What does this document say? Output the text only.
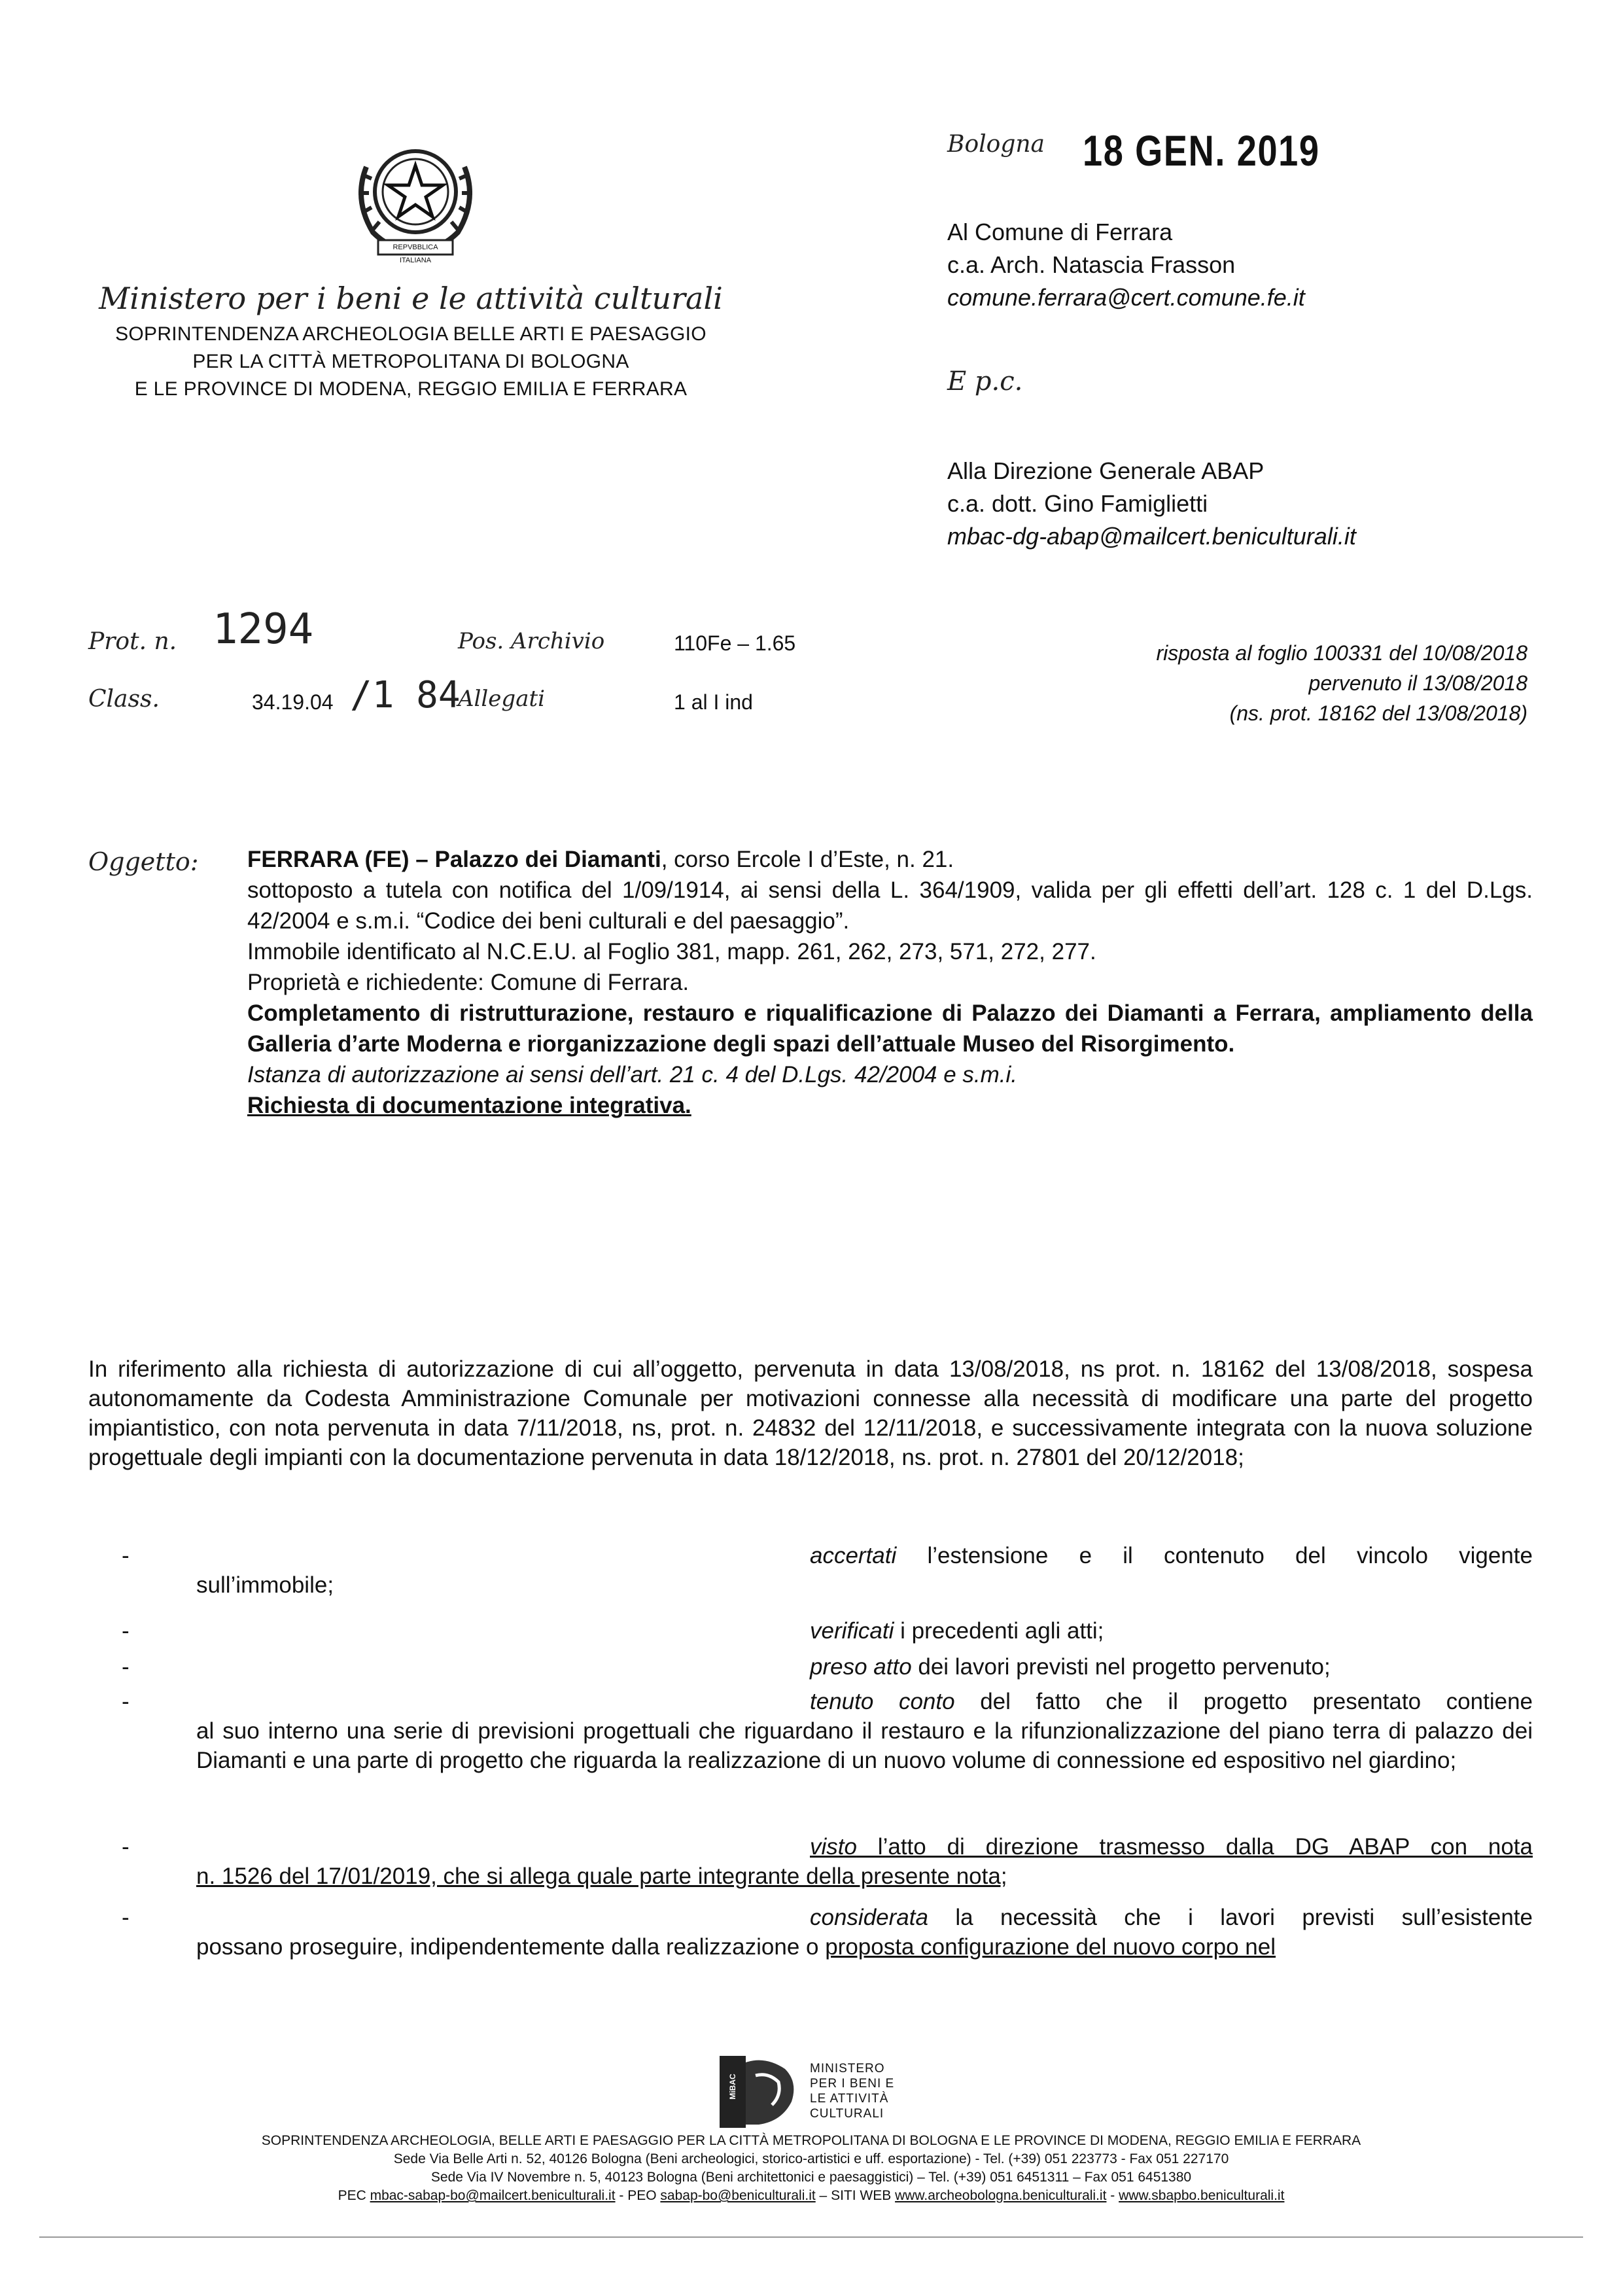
REPVBBLICA ITALIANA
Ministero per i beni e le attività culturali
SOPRINTENDENZA ARCHEOLOGIA BELLE ARTI E PAESAGGIO
PER LA CITTÀ METROPOLITANA DI BOLOGNA
E LE PROVINCE DI MODENA, REGGIO EMILIA E FERRARA
Bologna 18 GEN. 2019
Al Comune di Ferrara
c.a. Arch. Natascia Frasson
comune.ferrara@cert.comune.fe.it
E p.c.
Alla Direzione Generale ABAP
c.a. dott. Gino Famiglietti
mbac-dg-abap@mailcert.beniculturali.it
Prot. n. 1294
Class.	34.19.04 /1 84
Pos. Archivio	110Fe – 1.65
Allegati	1 al I ind
risposta al foglio 100331 del 10/08/2018
pervenuto il 13/08/2018
(ns. prot. 18162 del 13/08/2018)
Oggetto: FERRARA (FE) – Palazzo dei Diamanti, corso Ercole I d’Este, n. 21.
sottoposto a tutela con notifica del 1/09/1914, ai sensi della L. 364/1909, valida per gli effetti dell’art. 128 c. 1 del D.Lgs. 42/2004 e s.m.i. “Codice dei beni culturali e del paesaggio”.
Immobile identificato al N.C.E.U. al Foglio 381, mapp. 261, 262, 273, 571, 272, 277.
Proprietà e richiedente: Comune di Ferrara.
Completamento di ristrutturazione, restauro e riqualificazione di Palazzo dei Diamanti a Ferrara, ampliamento della Galleria d’arte Moderna e riorganizzazione degli spazi dell’attuale Museo del Risorgimento.
Istanza di autorizzazione ai sensi dell’art. 21 c. 4 del D.Lgs. 42/2004 e s.m.i.
Richiesta di documentazione integrativa.
In riferimento alla richiesta di autorizzazione di cui all’oggetto, pervenuta in data 13/08/2018, ns prot. n. 18162 del 13/08/2018, sospesa autonomamente da Codesta Amministrazione Comunale per motivazioni connesse alla necessità di modificare una parte del progetto impiantistico, con nota pervenuta in data 7/11/2018, ns, prot. n. 24832 del 12/11/2018, e successivamente integrata con la nuova soluzione progettuale degli impianti con la documentazione pervenuta in data 18/12/2018, ns. prot. n. 27801 del 20/12/2018;
-	accertati l’estensione e il contenuto del vincolo vigente
sull’immobile;
-	verificati i precedenti agli atti;
-	preso atto dei lavori previsti nel progetto pervenuto;
-	tenuto conto del fatto che il progetto presentato contiene
al suo interno una serie di previsioni progettuali che riguardano il restauro e la rifunzionalizzazione del piano terra di palazzo dei Diamanti e una parte di progetto che riguarda la realizzazione di un nuovo volume di connessione ed espositivo nel giardino;
-	visto l’atto di direzione trasmesso dalla DG ABAP con nota
n. 1526 del 17/01/2019, che si allega quale parte integrante della presente nota;
-	considerata la necessità che i lavori previsti sull’esistente
possano proseguire, indipendentemente dalla realizzazione o proposta configurazione del nuovo corpo nel
MiBAC
MINISTERO
PER I BENI E
LE ATTIVITÀ
CULTURALI
SOPRINTENDENZA ARCHEOLOGIA, BELLE ARTI E PAESAGGIO PER LA CITTÀ METROPOLITANA DI BOLOGNA E LE PROVINCE DI MODENA, REGGIO EMILIA E FERRARA
Sede Via Belle Arti n. 52, 40126 Bologna (Beni archeologici, storico-artistici e uff. esportazione) - Tel. (+39) 051 223773 - Fax 051 227170
Sede Via IV Novembre n. 5, 40123 Bologna (Beni architettonici e paesaggistici) – Tel. (+39) 051 6451311 – Fax 051 6451380
PEC mbac-sabap-bo@mailcert.beniculturali.it - PEO sabap-bo@beniculturali.it – SITI WEB www.archeobologna.beniculturali.it - www.sbapbo.beniculturali.it
